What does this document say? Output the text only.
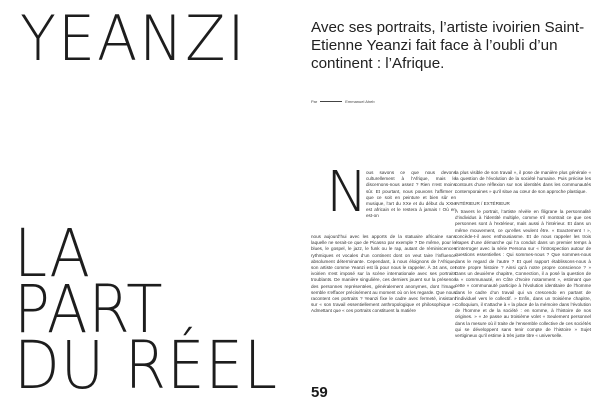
YEANZI	Avec ses portraits, l’artiste ivoirien Saint-Etienne Yeanzi fait face à l’oubli d’un continent : l’Afrique.

Par	Emmanuel Aheb
LA
PART
DU RÉEL 59
N

ous savons ce que nous devons culturellement à l’Afrique, mais le discernons-nous assez ? Rien n’est moins sûr. Et pourtant, nous pouvons l’affirmer : que ce soit en peinture et bien sûr en musique, l’art du XXe et du début du XXIe est africain et le restera à jamais ! Où en est-on

nous aujourd’hui avec les apports de la statuaire africaine sans laquelle ne serait-ce que de Picasso par exemple ? De même, pour le blues, le gospel, le jazz, le funk ou le rap, autant de réminiscences rythmiques et vocales d’un continent dont on veut taire l’influence absolument déterminante. Cependant, à nous éloignons de l’Afrique, son artiste comme Yeanzi est là pour nous le rappeler. À 34 ans, cet ivoirien s’est imposé sur la scène internationale avec ses portraits troublants. De manière singulière, ces derniers jouent sur la présence des personnes représentées, généralement anonymes, dont l’image semble s’effacer précisément au moment où on les regarde. Que nous racontent ces portraits ? Yeanzi fixe le cadre avec fermeté, insistant sur « son travail essentiellement anthropologique et philosophique ». Admettant que « ces portraits constituent la matière

la plus visible de son travail », il pose de manière plus générale « la question de l’évolution de la société humaine. Puis précise les contours d’une réflexion sur nos identités dans les communautés contemporaines » qu’il situe au cœur de son approche plastique.

INTÉRIEUR / EXTÉRIEUR

À travers le portrait, l’artiste révèle en filigrane la personnalité d’individus à l’identité multiple, comme s’il montrait ce que ces personnes sont à l’extérieur, mais aussi à l’intérieur. Et dans un même mouvement, ce qu’elles veulent être. « Exactement ! », concède-t-il avec enthousiasme. Et de nous rappeler les trois étapes d’une démarche qui l’a conduit dans un premier temps à s’interroger avec la série Persona sur « l’introspection autour de questions essentielles : Qui sommes-nous ? Que sommes-nous dans le regard de l’autre ? Et quel rapport établissons-nous à notre propre histoire ? Ainsi qu’à notre propre conscience ? » Dans un deuxième chapitre, Connection, il a posé la question de la « communauté, en Côte d’Ivoire notamment », estimant que cette « communauté participe à l’évolution identitaire de l’homme dans le cadre d’un travail qui va crescendo en partant de l’individuel vers le collectif. » Enfin, dans un troisième chapitre, Colloquium, il s’attache à « la place de la mémoire dans l’évolution de l’homme et de la société : en somme, à l’histoire de nos origines. » « Je passe au troisième volet « Seulement personnel dans la mesure où il traite de l’ensemble collective de ces sociétés qui se développent sans tenir compte de l’histoire » Sujet vertigineux qu’il estime à très juste titre « universelle.
